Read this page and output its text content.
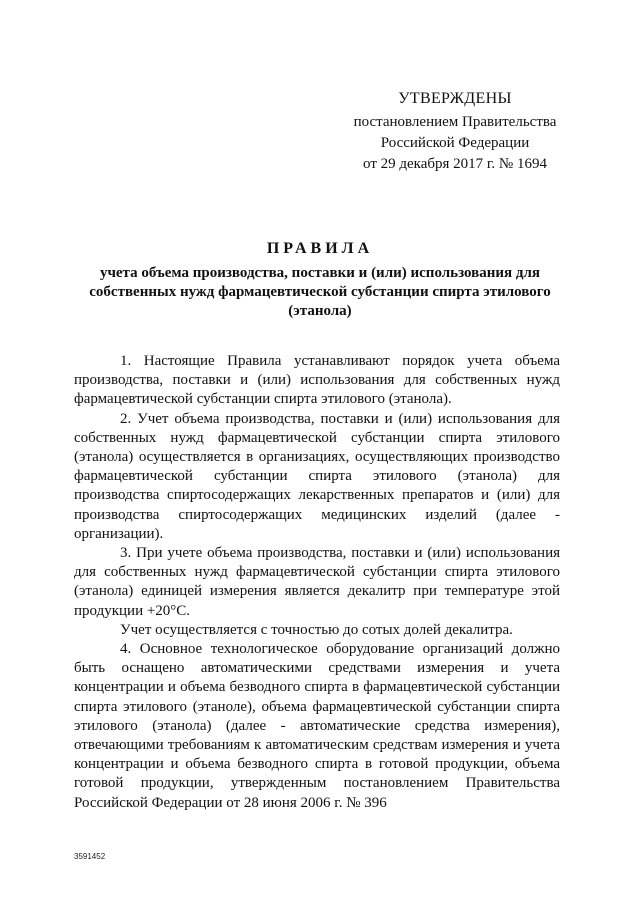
УТВЕРЖДЕНЫ
постановлением Правительства
Российской Федерации
от 29 декабря 2017 г. № 1694
ПРАВИЛА
учета объема производства, поставки и (или) использования для собственных нужд фармацевтической субстанции спирта этилового (этанола)

1. Настоящие Правила устанавливают порядок учета объема производства, поставки и (или) использования для собственных нужд фармацевтической субстанции спирта этилового (этанола).

2. Учет объема производства, поставки и (или) использования для собственных нужд фармацевтической субстанции спирта этилового (этанола) осуществляется в организациях, осуществляющих производство фармацевтической субстанции спирта этилового (этанола) для производства спиртосодержащих лекарственных препаратов и (или) для производства спиртосодержащих медицинских изделий (далее - организации).

3. При учете объема производства, поставки и (или) использования для собственных нужд фармацевтической субстанции спирта этилового (этанола) единицей измерения является декалитр при температуре этой продукции +20°С.

Учет осуществляется с точностью до сотых долей декалитра.

4. Основное технологическое оборудование организаций должно быть оснащено автоматическими средствами измерения и учета концентрации и объема безводного спирта в фармацевтической субстанции спирта этилового (этаноле), объема фармацевтической субстанции спирта этилового (этанола) (далее - автоматические средства измерения), отвечающими требованиям к автоматическим средствам измерения и учета концентрации и объема безводного спирта в готовой продукции, объема готовой продукции, утвержденным постановлением Правительства Российской Федерации от 28 июня 2006 г. № 396

3591452
